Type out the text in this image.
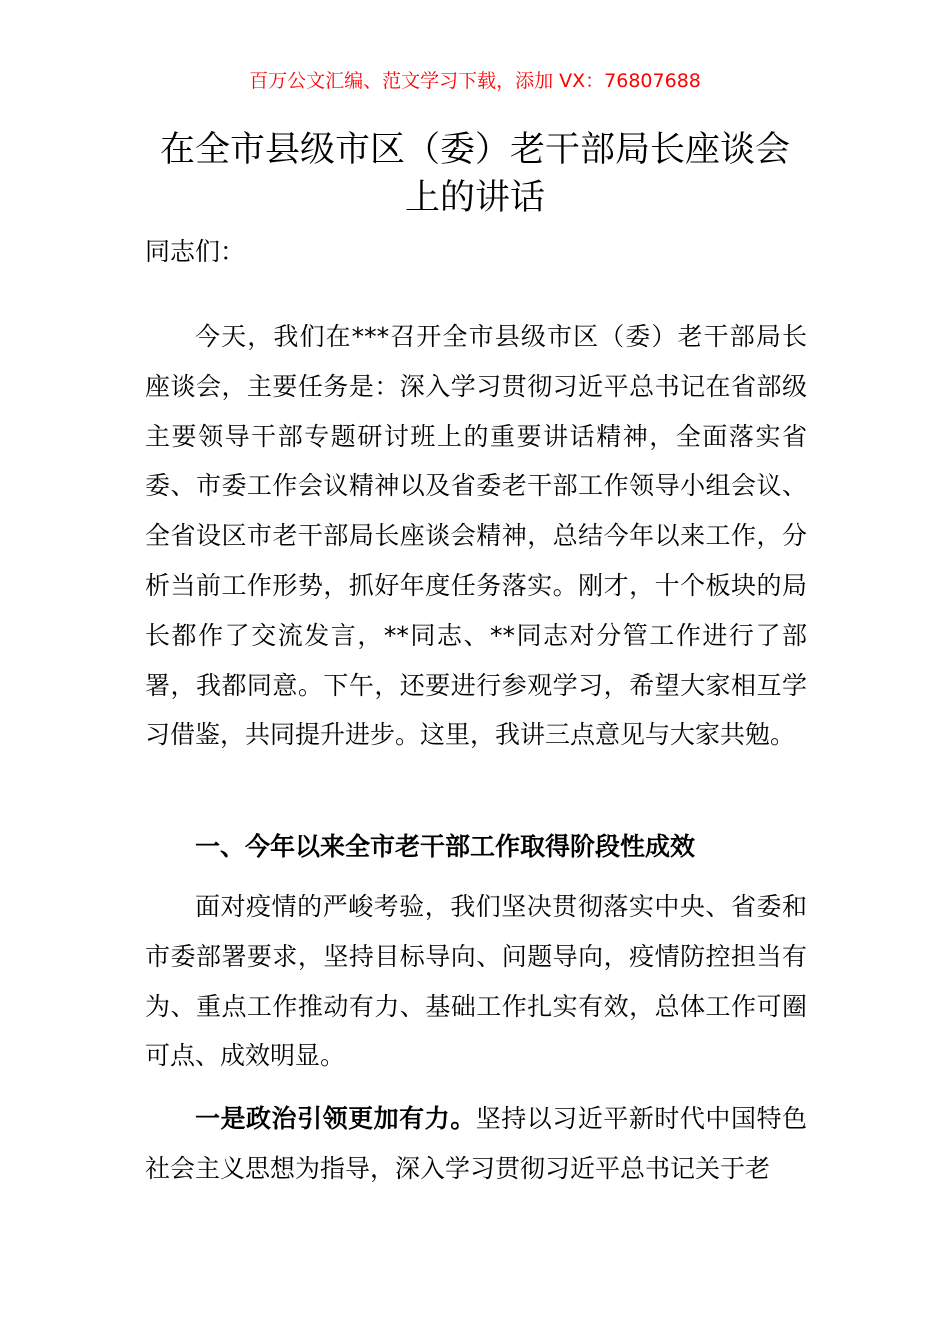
百万公文汇编、范文学习下载，添加 VX：76807688
在全市县级市区（委）老干部局长座谈会
上的讲话

同志们：

今天，我们在***召开全市县级市区（委）老干部局长座谈会，主要任务是：深入学习贯彻习近平总书记在省部级主要领导干部专题研讨班上的重要讲话精神，全面落实省委、市委工作会议精神以及省委老干部工作领导小组会议、全省设区市老干部局长座谈会精神，总结今年以来工作，分析当前工作形势，抓好年度任务落实。刚才，十个板块的局长都作了交流发言，**同志、**同志对分管工作进行了部署，我都同意。下午，还要进行参观学习，希望大家相互学习借鉴，共同提升进步。这里，我讲三点意见与大家共勉。

一、今年以来全市老干部工作取得阶段性成效

面对疫情的严峻考验，我们坚决贯彻落实中央、省委和市委部署要求，坚持目标导向、问题导向，疫情防控担当有为、重点工作推动有力、基础工作扎实有效，总体工作可圈可点、成效明显。

一是政治引领更加有力。坚持以习近平新时代中国特色社会主义思想为指导，深入学习贯彻习近平总书记关于老
